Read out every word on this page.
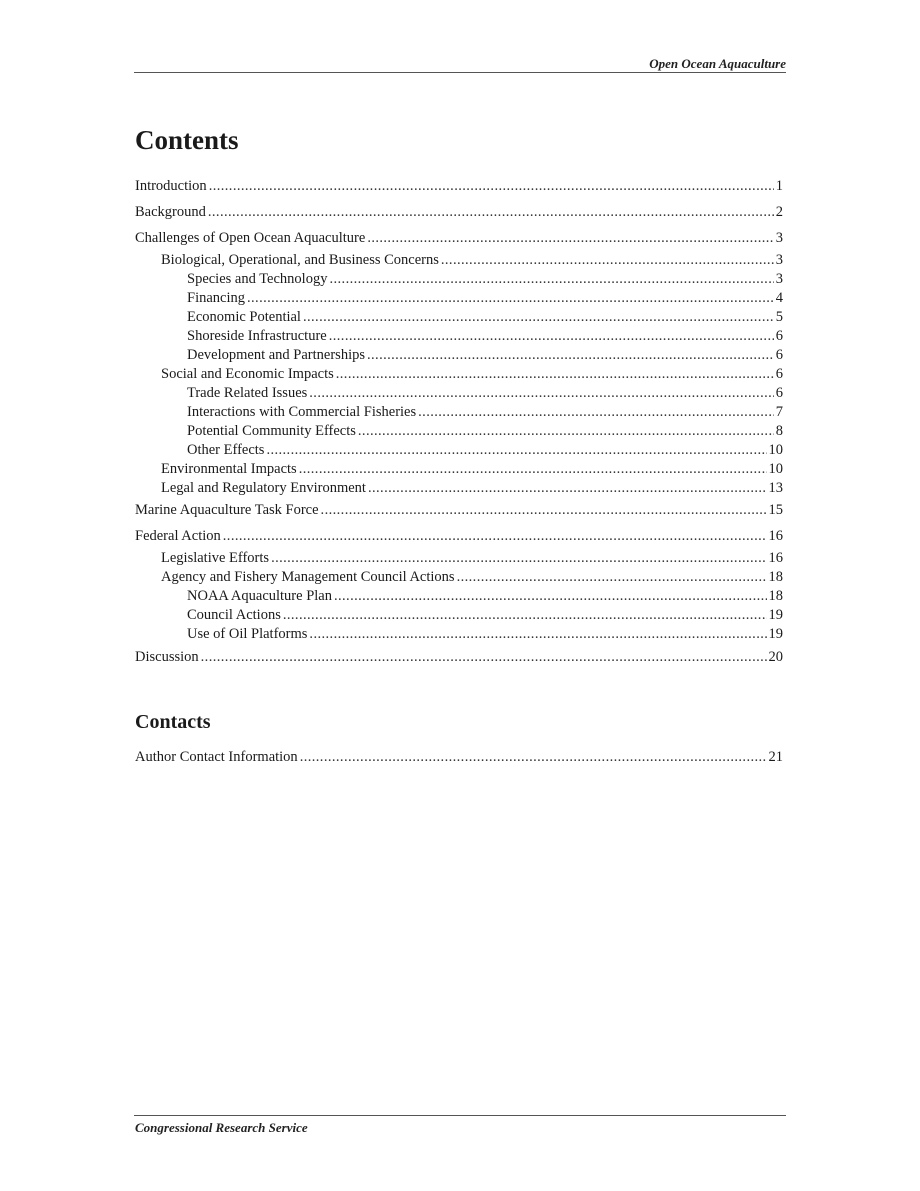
Open Ocean Aquaculture
Contents
Introduction .....	1
Background .....	2
Challenges of Open Ocean Aquaculture .....	3
Biological, Operational, and Business Concerns .....	3
Species and Technology .....	3
Financing .....	4
Economic Potential .....	5
Shoreside Infrastructure .....	6
Development and Partnerships .....	6
Social and Economic Impacts .....	6
Trade Related Issues .....	6
Interactions with Commercial Fisheries .....	7
Potential Community Effects .....	8
Other Effects .....	10
Environmental Impacts .....	10
Legal and Regulatory Environment .....	13
Marine Aquaculture Task Force .....	15
Federal Action .....	16
Legislative Efforts .....	16
Agency and Fishery Management Council Actions .....	18
NOAA Aquaculture Plan .....	18
Council Actions .....	19
Use of Oil Platforms .....	19
Discussion .....	20
Contacts
Author Contact Information .....	21
Congressional Research Service
